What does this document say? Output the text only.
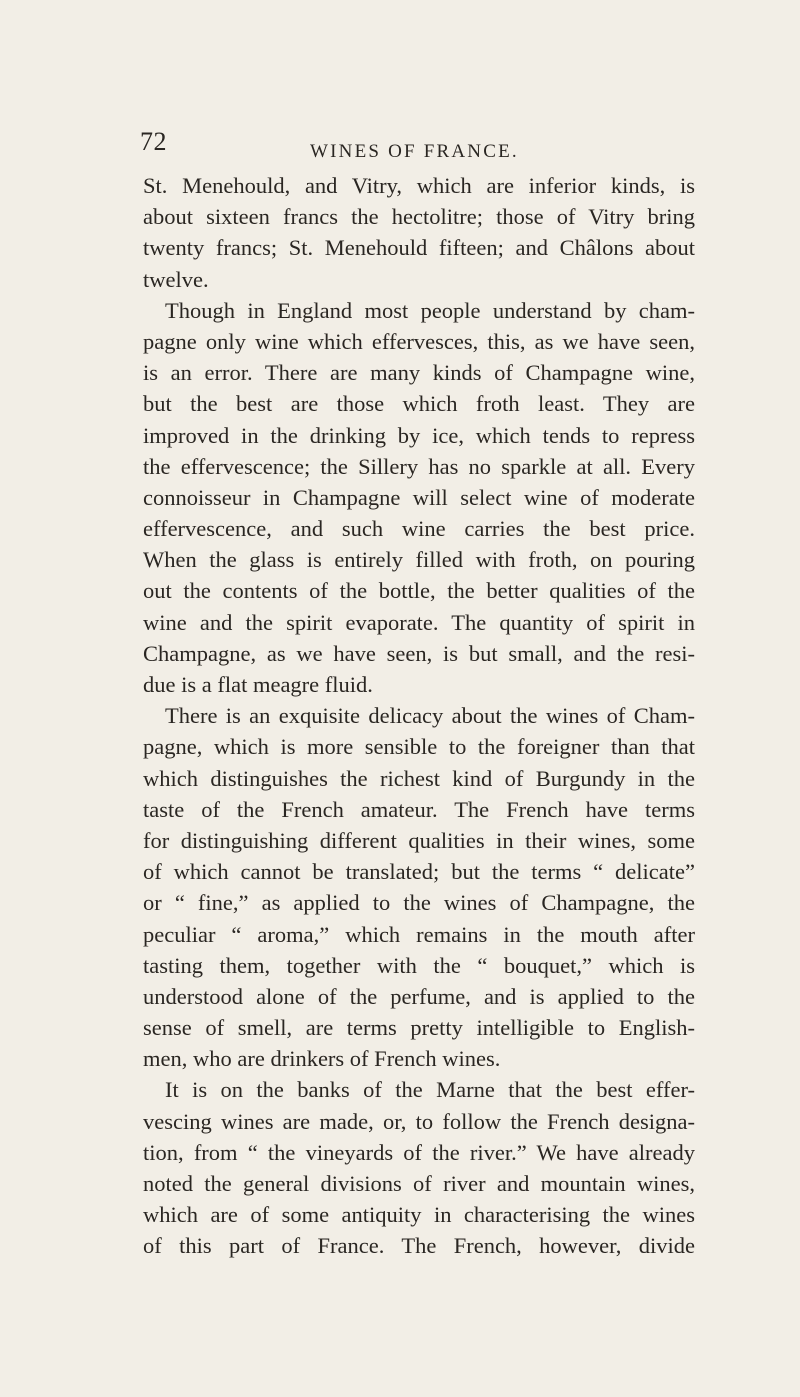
72	WINES OF FRANCE.
St. Menehould, and Vitry, which are inferior kinds, is
about sixteen francs the hectolitre; those of Vitry bring
twenty francs; St. Menehould fifteen; and Châlons about
twelve.
Though in England most people understand by cham-
pagne only wine which effervesces, this, as we have seen,
is an error. There are many kinds of Champagne wine,
but the best are those which froth least. They are
improved in the drinking by ice, which tends to repress
the effervescence; the Sillery has no sparkle at all. Every
connoisseur in Champagne will select wine of moderate
effervescence, and such wine carries the best price.
When the glass is entirely filled with froth, on pouring
out the contents of the bottle, the better qualities of the
wine and the spirit evaporate. The quantity of spirit in
Champagne, as we have seen, is but small, and the resi-
due is a flat meagre fluid.
There is an exquisite delicacy about the wines of Cham-
pagne, which is more sensible to the foreigner than that
which distinguishes the richest kind of Burgundy in the
taste of the French amateur. The French have terms
for distinguishing different qualities in their wines, some
of which cannot be translated; but the terms “ delicate”
or “ fine,” as applied to the wines of Champagne, the
peculiar “ aroma,” which remains in the mouth after
tasting them, together with the “ bouquet,” which is
understood alone of the perfume, and is applied to the
sense of smell, are terms pretty intelligible to English-
men, who are drinkers of French wines.
It is on the banks of the Marne that the best effer-
vescing wines are made, or, to follow the French designa-
tion, from “ the vineyards of the river.” We have already
noted the general divisions of river and mountain wines,
which are of some antiquity in characterising the wines
of this part of France. The French, however, divide
